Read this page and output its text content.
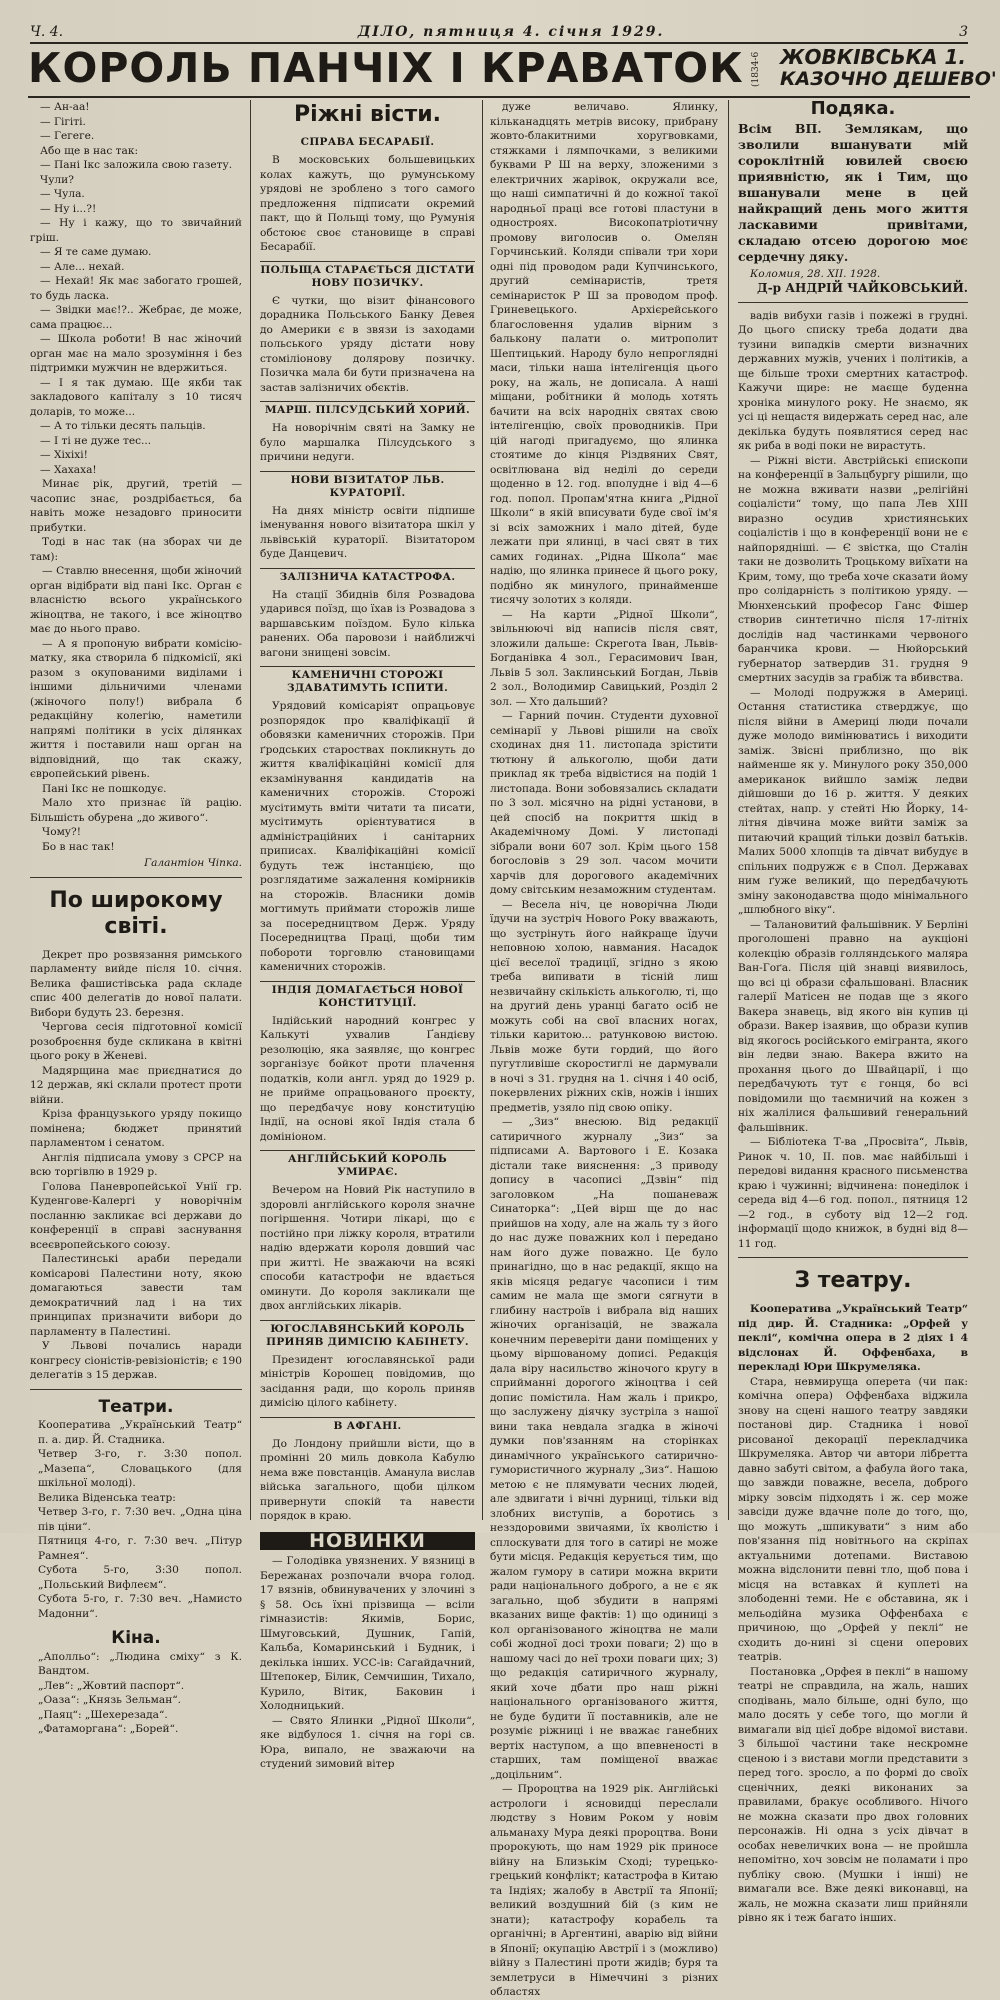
Ч. 4.	ДІЛО, пятниця 4. січня 1929.	3
КОРОЛЬ ПАНЧІХ І КРАВАТОК (1834-6 ЖОВКІВСЬКА 1.
КАЗОЧНО ДЕШЕВО'

— Ан-аа!

— Гігіті.

— Гегеге.

Або ще в нас так:

— Пані Ікс заложила свою газету.

Чули?

— Чула.

— Ну і...?!

— Ну і кажу, що то звичайний гріш.

— Я те саме думаю.

— Але... нехай.

— Нехай! Як має забогато грошей, то будь ласка.

— Звідки має!?.. Жебрає, де може, сама працює...

— Школа роботи! В нас жіночий орган має на мало зрозуміння і без підтримки мужчин не вдержиться.

— І я так думаю. Ще якби так закладового капіталу з 10 тисяч доларів, то може...

— А то тільки десять пальців.

— І ті не дуже тес...

— Хіхіхі!

— Хахаха!

Минає рік, другий, третій — часопис знає, роздрібається, ба навіть може незадовго приносити прибутки.

Тоді в нас так (на зборах чи де там):

— Ставлю внесення, щоби жіночий орган відібрати від пані Ікс. Орган є власністю всього українського жіноцтва, не такого, і все жіноцтво має до нього право.

— А я пропоную вибрати комісію-матку, яка створила б підкомісії, які разом з окупованими виділами і іншими дільничими членами (жіночого полу!) вибрала б редакційну колегію, наметили напрямі політики в усіх ділянках життя і поставили наш орган на відповідний, що так скажу, європейський рівень.

Пані Ікс не пошкодує.

Мало хто признає їй рацію. Більшість обурена „до живого“.

Чому?!

Бо в нас так!

Галантіон Чіпка.
По широкому світі.

Декрет про розвязання римського парламенту вийде після 10. січня. Велика фашистівська рада складе спис 400 делегатів до нової палати. Вибори будуть 23. березня.

Чергова сесія підготовної комісії розоброєння буде скликана в квітні цього року в Женеві.

Мадярщина має приєднатися до 12 держав, які склали протест проти війни.

Кріза французького уряду покищо помінена; бюджет принятий парламентом і сенатом.

Англія підписала умову з СРСР на всю торгівлю в 1929 р.

Голова Паневропейської Унії гр. Куденгове-Калергі у новорічнім посланню закликає всі держави до конференції в справі заснування всеєвропейського союзу.

Палестинські араби передали комісарові Палестини ноту, якою домагаються завести там демократичний лад і на тих принципах призначити вибори до парламенту в Палестині.

У Львові почались наради конгресу сіоністів-ревізіоністів; є 190 делегатів з 15 держав.

Театри.

Кооператива „Український Театр“ п. а. дир. Й. Стадника.

Четвер 3-го, г. 3:30 попол. „Мазепа“, Словацького (для шкільної молоді).

Велика Віденська театр:

Четвер 3-го, г. 7:30 веч. „Одна ціна пів ціни“.

Пятниця 4-го, г. 7:30 веч. „Пітур Рамнея“.

Субота 5-го, 3:30 попол. „Польський Вифлеєм“.

Субота 5-го, г. 7:30 веч. „Намисто Мадонни“.

Кіна.

„Аполльо“: „Людина сміху“ з К. Вандтом.

„Лев“: „Жовтий паспорт“.

„Оаза“: „Князь Зельман“.

„Паяц“: „Шехерезада“.

„Фатаморгана“: „Борей“.

Ріжні вісти.
СПРАВА БЕСАРАБІЇ.

В московських большевицьких колах кажуть, що румунському урядові не зроблено з того самого предложення підписати окремий пакт, що й Польщі тому, що Румунія обстоює своє становище в справі Бесарабії.

ПОЛЬЩА СТАРАЄТЬСЯ ДІСТАТИ НОВУ ПОЗИЧКУ.

Є чутки, що візит фінансового дорадника Польського Банку Девея до Америки є в звязи із заходами польського уряду дістати нову стоміліонову долярову позичку. Позичка мала би бути призначена на застав залізничих обєктів.

МАРШ. ПІЛСУДСЬКИЙ ХОРИЙ.

На новорічнім святі на Замку не було маршалка Пілсудського з причини недуги.

НОВИ ВІЗИТАТОР ЛЬВ. КУРАТОРІЇ.

На днях міністр освіти підпише іменування нового візитатора шкіл у львівській кураторії. Візитатором буде Данцевич.

ЗАЛІЗНИЧА КАТАСТРОФА.

На стації Збиднів біля Розвадова ударився поїзд, що їхав із Розвадова з варшавським поїздом. Було кілька ранених. Оба паровози і найближчі вагони знищені зовсім.

КАМЕНИЧНІ СТОРОЖІ ЗДАВАТИМУТЬ ІСПИТИ.

Урядовий комісаріят опрацьовує розпорядок про кваліфікації й обовязки каменичних сторожів. При ґродських староствах покликнуть до життя кваліфікаційні комісії для екзамінування кандидатів на каменичних сторожів. Сторожі мусітимуть вміти читати та писати, мусітимуть орієнтуватися в адміністраційних і санітарних приписах. Кваліфікаційні комісії будуть теж інстанцією, що розглядатиме зажалення комірників на сторожів. Власники домів могтимуть приймати сторожів лише за посередництвом Держ. Уряду Посередництва Праці, щоби тим побороти торговлю становищами каменичних сторожів.

ІНДІЯ ДОМАГАЄТЬСЯ НОВОЇ КОНСТИТУЦІЇ.

Індійський народний конгрес у Калькуті ухвалив Ґандієву резолюцію, яка заявляє, що конгрес зорганізує бойкот проти плачення податків, коли англ. уряд до 1929 р. не прийме опрацьованого проєкту, що передбачує нову конституцію Індії, на основі якої Індія стала б домініоном.

АНГЛІЙСЬКИЙ КОРОЛЬ УМИРАЄ.

Вечером на Новий Рік наступило в здоровлі англійського короля значне погіршення. Чотири лікарі, що є постійно при ліжку короля, втратили надію вдержати короля довший час при житті. Не зважаючи на всякі способи катастрофи не вдається оминути. До короля закликали ще двох англійських лікарів.

ЮГОСЛАВЯНСЬКИЙ КОРОЛЬ ПРИНЯВ ДИМІСІЮ КАБІНЕТУ.

Президент югославянської ради міністрів Корошец повідомив, що засідання ради, що король приняв димісію цілого кабінету.

В АФГАНІ.

До Лондону прийшли вісти, що в промінні 20 миль довкола Кабулю нема вже повстанців. Аманула вислав війська загального, щоби цілком привернути спокій та навести порядок в краю.

НОВИНКИ

— Голодівка увязнених. У вязниці в Бережанах розпочали вчора голод. 17 вязнів, обвинувачених у злочині з § 58. Ось їхні прізвища — всіли гімназистів: Якимів, Борис, Шмуговський, Душник, Гапій, Кальба, Комаринський і Будник, і декілька інших. УСС-ів: Сагайдачний, Штепокер, Білик, Семчишин, Тихало, Курило, Вітик, Баковин і Холодницький.

— Свято Ялинки „Рідної Школи“, яке відбулося 1. січня на горі св. Юра, випало, не зважаючи на студений зимовий вітер

дуже величаво. Ялинку, кільканадцять метрів високу, прибрану жовто-блакитними хоругвовками, стяжками і лямпочками, з великими буквами Р Ш на верху, зложеними з електричних жарівок, окружали все, що наші симпатичні й до кожної такої народньої праці все готові пластуни в одностроях. Високопатріотичну промову виголосив о. Омелян Горчинський. Коляди співали три хори одні під проводом ради Купчинського, другий семінаристів, третя семінаристок Р Ш за проводом проф. Гриневецького. Архієрейського благословення удалив вірним з балькону палати о. митрополит Шептицький. Народу було непроглядні маси, тільки наша інтелігенція цього року, на жаль, не дописала. А наші міщани, робітники й молодь хотять бачити на всіх народніх святах свою інтелігенцію, своїх проводників. При цій нагоді пригадуємо, що ялинка стоятиме до кінця Різдвяних Свят, освітлювана від неділі до середи щоденно в 12. год. вполудне і від 4—6 год. попол. Пропам'ятна книга „Рідної Школи“ в якій вписувати буде свої ім'я зі всіх заможних і мало дітей, буде лежати при ялинці, в часі свят в тих самих годинах. „Рідна Школа“ має надію, що ялинка принесе й цього року, подібно як минулого, принайменше тисячу золотих з коляди.

— На карти „Рідної Школи“, звільнюючі від написів після свят, зложили дальше: Скрегота Іван, Львів-Богданівка 4 зол., Герасимович Іван, Львів 5 зол. Заклинський Богдан, Львів 2 зол., Володимир Савицький, Розділ 2 зол. — Хто дальший?

— Гарний почин. Студенти духовної семінарії у Львові рішили на своїх сходинах дня 11. листопада зрістити тютюну й алькоголю, щоби дати приклад як треба відвістися на подій 1 листопада. Вони зобовязались складати по 3 зол. місячно на рідні установи, в цей спосіб на покриття шкід в Академічному Домі. У листопаді зібрали вони 607 зол. Крім цього 158 богословів з 29 зол. часом мочити харчів для дорогового академічних дому світським незаможним студентам.

— Весела ніч, це новорічна Люди їдучи на зустріч Нового Року вважають, що зустрінуть його найкраще їдучи неповною холою, навмания. Насадок цієї веселої традиції, згідно з якою треба випивати в тісній лиш незвичайну скількість алькоголю, ті, що на другий день уранці багато осіб не можуть собі на свої власних ногах, тільки каритою... ратунковою вистою. Львів може бути гордий, що його пугутливіше скоростиглі не дармували в ночі з 31. грудня на 1. січня і 40 осіб, покервлених ріжних сків, ножів і інших предметів, узяло під свою опіку.

— „Зиз“ внесюю. Від редакції сатиричного журналу „Зиз“ за підписами А. Вартового і Е. Козака дістали таке вияснення: „З приводу допису в часописі „Дзвін“ під заголовком „На пошаневаж Синаторка“: „Цей вірш ще до нас прийшов на ходу, але на жаль ту з його до нас дуже поважних кол і передано нам його дуже поважно. Це було принагідно, що в нас редакції, якщо на яків місяця редагує часописи і тим самим не мала ще змоги сягнути в глибину настроїв і вибрала від наших жіночих організацій, не зважала конечним переверіти дани поміщених у цьому віршованому дописі. Редакція дала віру насильство жіночого кругу в сприйманні дорогого жіноцтва і сей допис помістила. Нам жаль і прикро, що заслужену діячку зустріла з нашої вини така невдала згадка в жіночі думки пов'язанням на сторінках динамічного українського сатирично-гумористичного журналу „Зиз“. Нашою метою є не плямувати чесних людей, але здвигати і вічні дурниці, тільки від злобних виступів, а боротись з незздоровими звичаями, їх кволістю і сплоскувати для того в сатирі не може бути місця. Редакція керується тим, що жалом гумору в сатири можна вкрити ради національного доброго, а не є як загально, щоб збудити в напрямі вказаних вище фактів: 1) що одиниці з кол організованого жіноцтва не мали собі жодної досі трохи поваги; 2) що в нашому часі до неї трохи поваги цих; 3) що редакція сатиричного журналу, який хоче дбати про наш ріжні національного організованого життя, не буде будити її поставників, але не розуміє ріжниці і не вважає ганебних вертіх наступом, а що впевненості в старших, там поміщеної вважає „доцільним“.

— Пророцтва на 1929 рік. Англійські астрологи і ясновидці переслали людству з Новим Роком у новім альманаху Мура деякі пророцтва. Вони пророкують, що нам 1929 рік приносе війну на Близькім Сході; турецько-грецький конфлікт; катастрофа в Китаю та Індіях; жалобу в Австрії та Японії; великий воздушний бій (з ким не знати); катастрофу корабель та органічні; в Аргентині, аварію від війни в Японії; окупацію Австрії і з (можливо) війну з Палестині проти жидів; буря та землетруси в Німеччині з різних областях

Подяка.
Всім ВП. Землякам, що зволили вшанувати мій сороклітній ювилей своєю приявністю, як і Тим, що вшанували мене в цей найкращий день мого життя ласкавими привітами, складаю отсею дорогою моє сердечну дяку.
Коломия, 28. XII. 1928.
Д-р АНДРІЙ ЧАЙКОВСЬКИЙ.

вадів вибухи газів і пожежі в грудні. До цього списку треба додати два тузини випадків смерти визначних державних мужів, учених і політиків, а ще більше трохи смертних катастроф. Кажучи щире: не маєще буденна хроніка минулого року. Не знаємо, як усі ці нещастя видержать серед нас, але декілька будуть появлятися серед нас як риба в воді поки не вирастуть.

— Ріжні вісти. Австрійські єпископи на конференції в Зальцбургу рішили, що не можна вживати назви „релігійні соціалісти“ тому, що папа Лев XIII виразно осудив християнських соціалістів і що в конференції вони не є найпорядніші. — Є звістка, що Сталін таки не дозволить Троцькому виїхати на Крим, тому, що треба хоче сказати йому про солідарність з політикою уряду. — Мюнхенський професор Ганс Фішер створив синтетично після 17-літніх дослідів над частинками червоного баранчика крови. — Нюйорський губернатор затвердив 31. грудня 9 смертних засудів за грабіж та вбивства.

— Молоді подружжя в Америці. Остання статистика стверджує, що після війни в Америці люди почали дуже молодо вимінюватись і виходити заміж. Звісні приблизно, що вік найменше як у. Минулого року 350,000 американок вийшло заміж ледви дійшовши до 16 р. життя. У деяких стейтах, напр. у стейті Ню Йорку, 14-літня дівчина може вийти заміж за питаючий кращий тільки дозвіл батьків. Малих 5000 хлопців та дівчат вибудує в спільних подружж є в Спол. Державах ним ґуже великий, що передбачують зміну законодавства щодо мінімального „шлюбного віку“.

— Талановитий фальшівник. У Берліні проголошені правно на аукціоні колекцію образів голляндського маляра Ван-Гоґа. Після цій знавці виявилось, що всі ці образи сфальшовані. Власник галерії Матісен не подав ще з якого Вакера знавець, від якого він купив ці образи. Вакер ізаявив, що образи купив від якогось російського емігранта, якого він ледви знаю. Вакера вжито на прохання цього до Швайцарії, і що передбачують тут є гонця, бо всі повідомили що таємничий на кожен з ніх жалілися фальшивий генеральний фальшівник.

— Бібліотека Т-ва „Просвіта“, Львів, Ринок ч. 10, II. пов. має найбільші і передові видання красного письменства краю і чужинні; відчинена: понеділок і середа від 4—6 год. попол., пятниця 12—2 год., в суботу від 12—2 год. інформації щодо книжок, в будні від 8—11 год.

З театру.

Кооператива „Український Театр“ під дир. Й. Стадника: „Орфей у пеклі“, комічна опера в 2 діях і 4 відслонах Й. Оффенбаха, в перекладі Юри Шкрумеляка.

Стара, невмируща оперета (чи пак: комічна опера) Оффенбаха віджила знову на сцені нашого театру завдяки постанові дир. Стадника і нової рисованої декорації перекладчика Шкрумеляка. Автор чи автори лібретта давно забуті світом, а фабула його така, що завжди поважне, весела, доброго мірку зовсім підходять і ж. сер може завсіди дуже вдачне поле до того, що, що можуть „шпикувати“ з ним або пов'язання під новітнього на скріпах актуальними дотепами. Виставою можна відслонити певні тло, щоб пова і місця на вставках й куплеті на злободенні теми. Не є обставина, як і мельодійна музика Оффенбаха є причиною, що „Орфей у пеклі“ не сходить до-нині зі сцени оперових театрів.

Постановка „Орфея в пеклі“ в нашому театрі не справдила, на жаль, наших сподівань, мало більше, одні було, що мало досять у себе того, що могли й вимагали від цієї добре відомої вистави. З більшої частини таке нескромне сценою і з вистави могли представити з перед того. зросло, а по формі до своїх сценічних, деякі виконаних за правилами, бракує особливого. Нічого не можна сказати про двох головних персонажів. Ні одна з усіх дівчат в особах невеличких вона — не пройшла непомітно, хоч зовсім не поламати і про публіку свою. (Мушки і інші) не вимагали все. Вже деякі виконавці, на жаль, не можна сказати лиш прийняли рівно як і теж багато інших.
